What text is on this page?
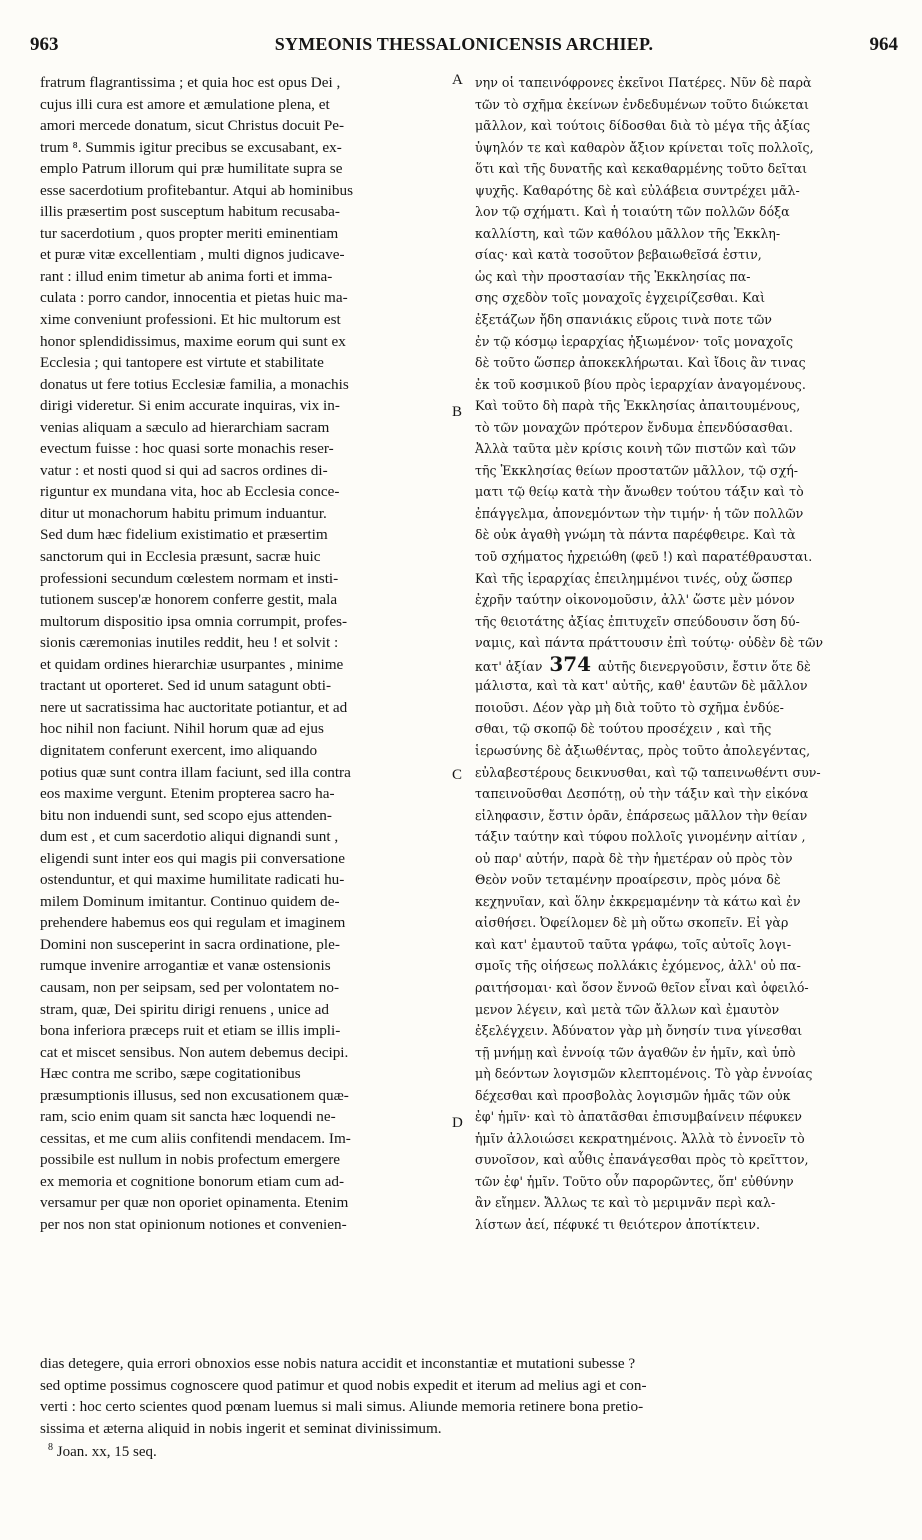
963	SYMEONIS THESSALONICENSIS ARCHIEP.	964
fratrum flagrantissima ; et quia hoc est opus Dei ,
cujus illi cura est amore et æmulatione plena, et
amori mercede donatum, sicut Christus docuit Pe-
trum ⁸. Summis igitur precibus se excusabant, ex-
emplo Patrum illorum qui præ humilitate supra se
esse sacerdotium profitebantur. Atqui ab hominibus
illis præsertim post susceptum habitum recusaba-
tur sacerdotium , quos propter meriti eminentiam
et puræ vitæ excellentiam , multi dignos judicave-
rant : illud enim timetur ab anima forti et imma-
culata : porro candor, innocentia et pietas huic ma-
xime conveniunt professioni. Et hic multorum est
honor splendidissimus, maxime eorum qui sunt ex
Ecclesia ; qui tantopere est virtute et stabilitate
donatus ut fere totius Ecclesiæ familia, a monachis
dirigi videretur. Si enim accurate inquiras, vix in-
venias aliquam a sæculo ad hierarchiam sacram
evectum fuisse : hoc quasi sorte monachis reser-
vatur : et nosti quod si qui ad sacros ordines di-
riguntur ex mundana vita, hoc ab Ecclesia conce-
ditur ut monachorum habitu primum induantur.
Sed dum hæc fidelium existimatio et præsertim
sanctorum qui in Ecclesia præsunt, sacræ huic
professioni secundum cœlestem normam et insti-
tutionem suscep'æ honorem conferre gestit, mala
multorum dispositio ipsa omnia corrumpit, profes-
sionis cæremonias inutiles reddit, heu ! et solvit :
et quidam ordines hierarchiæ usurpantes , minime
tractant ut oporteret. Sed id unum satagunt obti-
nere ut sacratissima hac auctoritate potiantur, et ad
hoc nihil non faciunt. Nihil horum quæ ad ejus
dignitatem conferunt exercent, imo aliquando
potius quæ sunt contra illam faciunt, sed illa contra
eos maxime vergunt. Etenim propterea sacro ha-
bitu non induendi sunt, sed scopo ejus attenden-
dum est , et cum sacerdotio aliqui dignandi sunt ,
eligendi sunt inter eos qui magis pii conversatione
ostenduntur, et qui maxime humilitate radicati hu-
milem Dominum imitantur. Continuo quidem de-
prehendere habemus eos qui regulam et imaginem
Domini non susceperint in sacra ordinatione, ple-
rumque invenire arrogantiæ et vanæ ostensionis
causam, non per seipsam, sed per volontatem no-
stram, quæ, Dei spiritu dirigi renuens , unice ad
bona inferiora præceps ruit et etiam se illis impli-
cat et miscet sensibus. Non autem debemus decipi.
Hæc contra me scribo, sæpe cogitationibus
præsumptionis illusus, sed non excusationem quæ-
ram, scio enim quam sit sancta hæc loquendi ne-
cessitas, et me cum aliis confitendi mendacem. Im-
possibile est nullum in nobis profectum emergere
ex memoria et cognitione bonorum etiam cum ad-
versamur per quæ non oporiet opinamenta. Etenim
per nos non stat opinionum notiones et convenien-
νην οἱ ταπεινόφρονες ἐκεῖνοι Πατέρες. Νῦν δὲ παρὰ
τῶν τὸ σχῆμα ἐκείνων ἐνδεδυμένων τοῦτο διώκεται
μᾶλλον, καὶ τούτοις δίδοσθαι διὰ τὸ μέγα τῆς ἀξίας
ὑψηλόν τε καὶ καθαρὸν ἄξιον κρίνεται τοῖς πολλοῖς,
ὅτι καὶ τῆς δυνατῆς καὶ κεκαθαρμένης τοῦτο δεῖται
ψυχῆς. Καθαρότης δὲ καὶ εὐλάβεια συντρέχει μᾶλ-
λον τῷ σχήματι. Καὶ ἡ τοιαύτη τῶν πολλῶν δόξα
καλλίστη, καὶ τῶν καθόλου μᾶλλον τῆς Ἐκκλη-
σίας· καὶ κατὰ τοσοῦτον βεβαιωθεῖσά ἐστιν,
ὡς καὶ τὴν προστασίαν τῆς Ἐκκλησίας πα-
σης σχεδὸν τοῖς μοναχοῖς ἐγχειρίζεσθαι. Καὶ
ἐξετάζων ἤδη σπανιάκις εὕροις τινὰ ποτε τῶν
ἐν τῷ κόσμῳ ἱεραρχίας ἠξιωμένον· τοῖς μοναχοῖς
δὲ τοῦτο ὥσπερ ἀποκεκλήρωται. Καὶ ἴδοις ἂν τινας
ἐκ τοῦ κοσμικοῦ βίου πρὸς ἱεραρχίαν ἀναγομένους.
Καὶ τοῦτο δὴ παρὰ τῆς Ἐκκλησίας ἀπαιτουμένους,
τὸ τῶν μοναχῶν πρότερον ἔνδυμα ἐπενδύσασθαι.
Ἀλλὰ ταῦτα μὲν κρίσις κοινὴ τῶν πιστῶν καὶ τῶν
τῆς Ἐκκλησίας θείων προστατῶν μᾶλλον, τῷ σχή-
ματι τῷ θείῳ κατὰ τὴν ἄνωθεν τούτου τάξιν καὶ τὸ
ἐπάγγελμα, ἀπονεμόντων τὴν τιμήν· ἡ τῶν πολλῶν
δὲ οὐκ ἀγαθὴ γνώμη τὰ πάντα παρέφθειρε. Καὶ τὰ
τοῦ σχήματος ἠχρειώθη (φεῦ !) καὶ παρατέθραυσται.
Καὶ τῆς ἱεραρχίας ἐπειλημμένοι τινές, οὐχ ὥσπερ
ἐχρῆν ταύτην οἰκονομοῦσιν, ἀλλ' ὥστε μὲν μόνον
τῆς θειοτάτης ἀξίας ἐπιτυχεῖν σπεύδουσιν ὅση δύ-
ναμις, καὶ πάντα πράττουσιν ἐπὶ τούτῳ· οὐδὲν δὲ τῶν
κατ' ἀξίαν 374 αὐτῆς διενεργοῦσιν, ἔστιν ὅτε δὲ
μάλιστα, καὶ τὰ κατ' αὐτῆς, καθ' ἑαυτῶν δὲ μᾶλλον
ποιοῦσι. Δέον γὰρ μὴ διὰ τοῦτο τὸ σχῆμα ἐνδύε-
σθαι, τῷ σκοπῷ δὲ τούτου προσέχειν , καὶ τῆς
ἱερωσύνης δὲ ἀξιωθέντας, πρὸς τοῦτο ἀπολεγέντας,
εὐλαβεστέρους δεικνυσθαι, καὶ τῷ ταπεινωθέντι συν-
ταπεινοῦσθαι Δεσπότῃ, οὐ τὴν τάξιν καὶ τὴν εἰκόνα
εἰληφασιν, ἔστιν ὁρᾶν, ἐπάρσεως μᾶλλον τὴν θείαν
τάξιν ταύτην καὶ τύφου πολλοῖς γινομένην αἰτίαν ,
οὐ παρ' αὐτήν, παρὰ δὲ τὴν ἡμετέραν οὐ πρὸς τὸν
Θεὸν νοῦν τεταμένην προαίρεσιν, πρὸς μόνα δὲ
κεχηνυῖαν, καὶ ὅλην ἐκκρεμαμένην τὰ κάτω καὶ ἐν
αἰσθήσει. Ὀφείλομεν δὲ μὴ οὕτω σκοπεῖν. Εἰ γὰρ
καὶ κατ' ἐμαυτοῦ ταῦτα γράφω, τοῖς αὐτοῖς λογι-
σμοῖς τῆς οἰήσεως πολλάκις ἐχόμενος, ἀλλ' οὐ πα-
ραιτήσομαι· καὶ ὅσον ἔννοῶ θεῖον εἶναι καὶ ὀφειλό-
μενον λέγειν, καὶ μετὰ τῶν ἄλλων καὶ ἐμαυτὸν
ἐξελέγχειν. Ἀδύνατον γὰρ μὴ ὄνησίν τινα γίνεσθαι
τῇ μνήμῃ καὶ ἐννοίᾳ τῶν ἀγαθῶν ἐν ἡμῖν, καὶ ὑπὸ
μὴ δεόντων λογισμῶν κλεπτομένοις. Τὸ γὰρ ἐννοίας
δέχεσθαι καὶ προσβολὰς λογισμῶν ἡμᾶς τῶν οὐκ
ἐφ' ἡμῖν· καὶ τὸ ἀπατᾶσθαι ἐπισυμβαίνειν πέφυκεν
ἡμῖν ἀλλοιώσει κεκρατημένοις. Ἀλλὰ τὸ ἐννοεῖν τὸ
συνοῖσον, καὶ αὖθις ἐπανάγεσθαι πρὸς τὸ κρεῖττον,
τῶν ἐφ' ἡμῖν. Τοῦτο οὖν παρορῶντες, ὅπ' εὐθύνην
ἂν εἴημεν. Ἄλλως τε καὶ τὸ μεριμνᾶν περὶ καλ-
λίστων ἀεί, πέφυκέ τι θειότερον ἀποτίκτειν.
A
B
C
D
dias detegere, quia errori obnoxios esse nobis natura accidit et inconstantiæ et mutationi subesse ?
sed optime possimus cognoscere quod patimur et quod nobis expedit et iterum ad melius agi et con-
verti : hoc certo scientes quod pœnam luemus si mali simus. Aliunde memoria retinere bona pretio-
sissima et æterna aliquid in nobis ingerit et seminat divinissimum.
$^8$ Joan. xx, 15 seq.
